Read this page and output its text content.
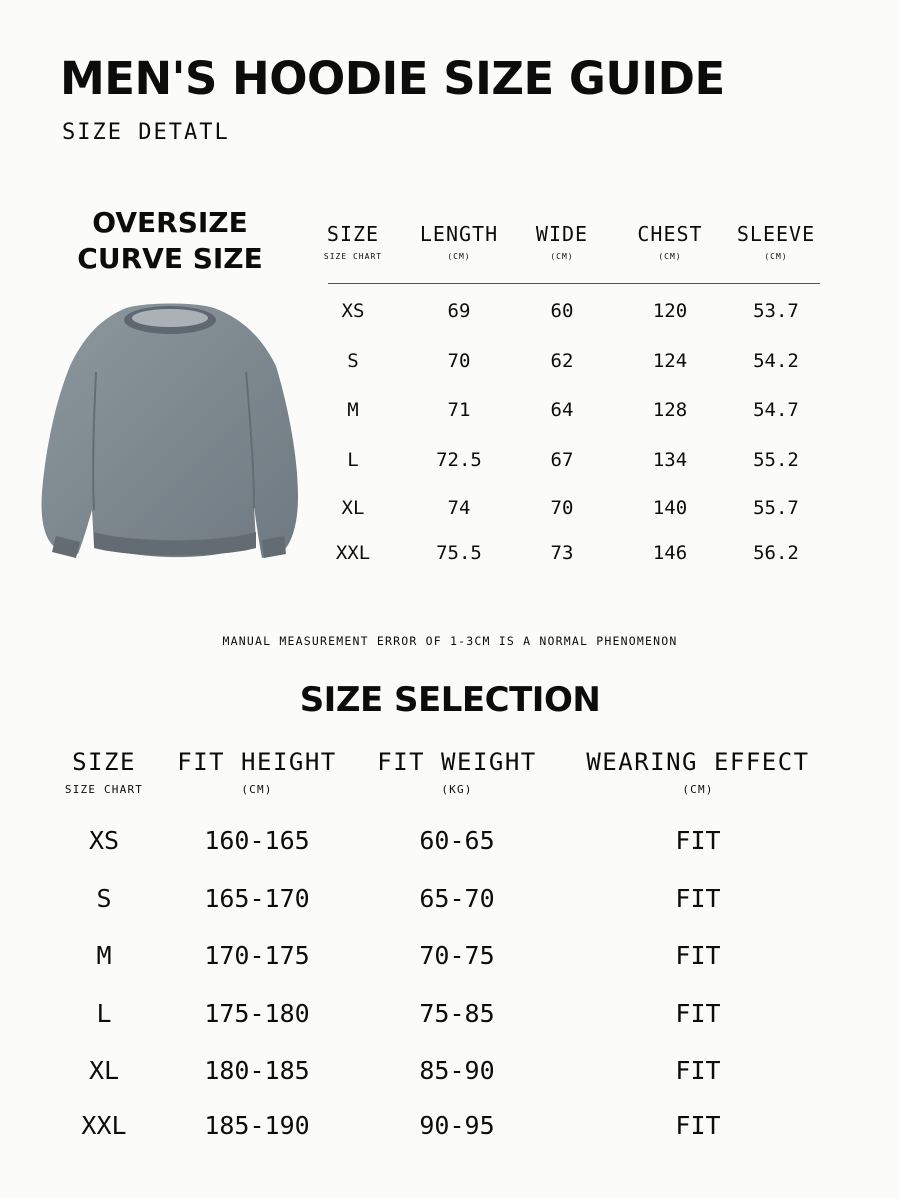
MEN'S HOODIE SIZE GUIDE
SIZE DETATL
OVERSIZE
CURVE SIZE
SIZE	LENGTH	WIDE	CHEST	SLEEVE
SIZE CHART	(CM)	(CM)	(CM)	(CM)
XS	69	60	120	53.7
S	70	62	124	54.2
M	71	64	128	54.7
L	72.5	67	134	55.2
XL	74	70	140	55.7
XXL	75.5	73	146	56.2
MANUAL MEASUREMENT ERROR OF 1-3CM IS A NORMAL PHENOMENON
SIZE SELECTION
SIZE	FIT HEIGHT	FIT WEIGHT	WEARING EFFECT
SIZE CHART	(CM)	(KG)	(CM)
XS	160-165	60-65	FIT
S	165-170	65-70	FIT
M	170-175	70-75	FIT
L	175-180	75-85	FIT
XL	180-185	85-90	FIT
XXL	185-190	90-95	FIT
